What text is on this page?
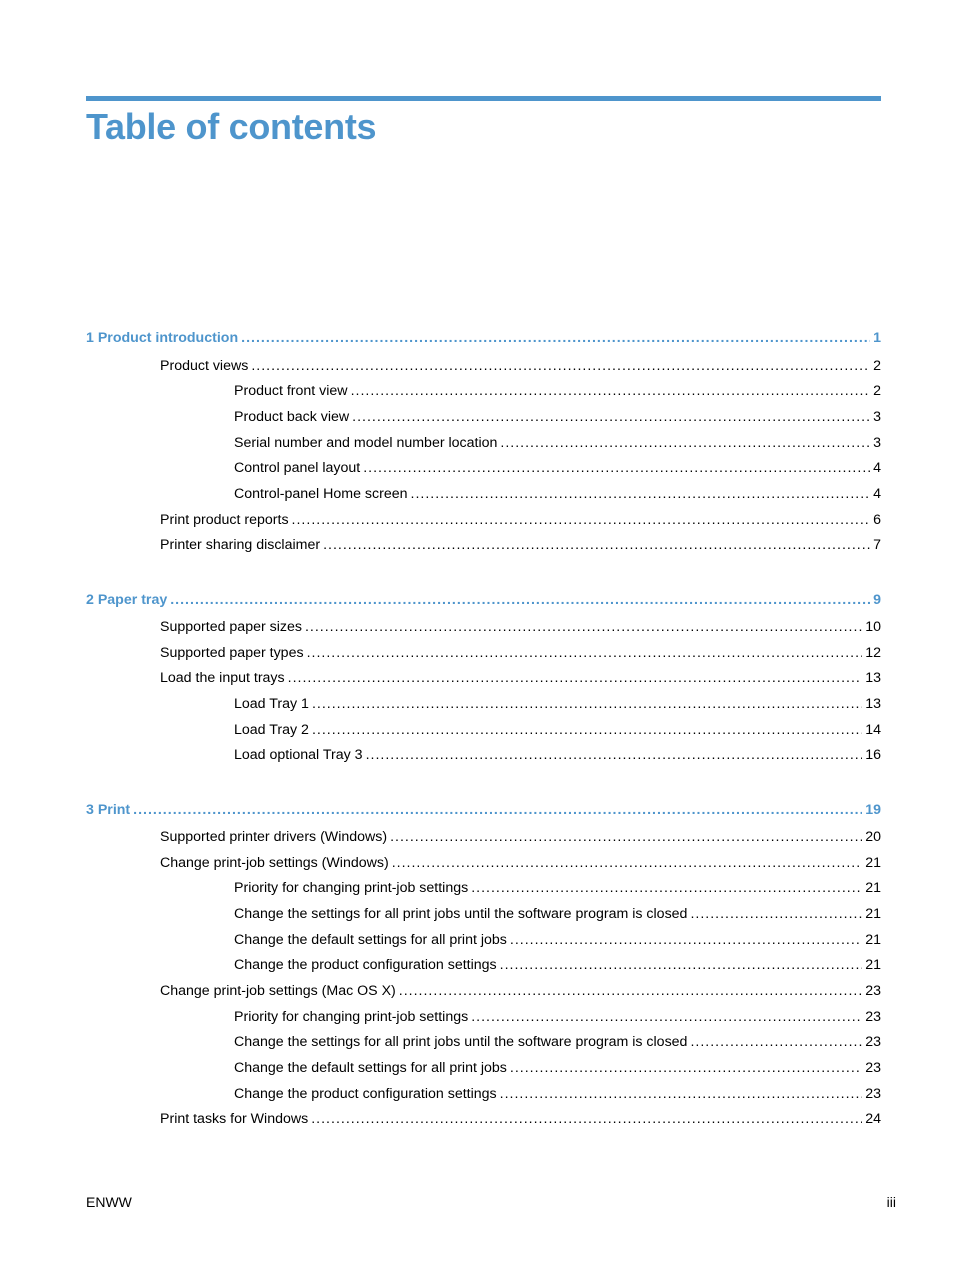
Table of contents
1 Product introduction .....	1
Product views .....	2
Product front view .....	2
Product back view .....	3
Serial number and model number location .....	3
Control panel layout .....	4
Control-panel Home screen .....	4
Print product reports .....	6
Printer sharing disclaimer .....	7
2 Paper tray .....	9
Supported paper sizes .....	10
Supported paper types .....	12
Load the input trays .....	13
Load Tray 1 .....	13
Load Tray 2 .....	14
Load optional Tray 3 .....	16
3 Print .....	19
Supported printer drivers (Windows) .....	20
Change print-job settings (Windows) .....	21
Priority for changing print-job settings .....	21
Change the settings for all print jobs until the software program is closed .....	21
Change the default settings for all print jobs .....	21
Change the product configuration settings .....	21
Change print-job settings (Mac OS X) .....	23
Priority for changing print-job settings .....	23
Change the settings for all print jobs until the software program is closed .....	23
Change the default settings for all print jobs .....	23
Change the product configuration settings .....	23
Print tasks for Windows .....	24
ENWW	iii
